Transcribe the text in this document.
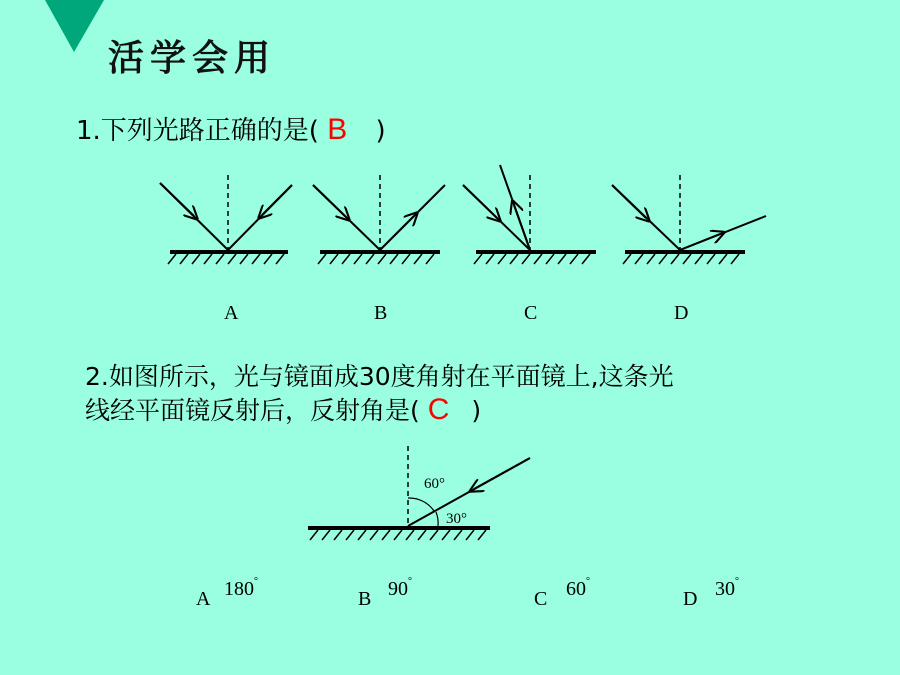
活学会用
1.下列光路正确的是( B )
60°
30°
A	B	C	D
2.如图所示，光与镜面成30度角射在平面镜上,这条光
线经平面镜反射后，反射角是( C )
A 180°
B 90°
C 60°
D 30°
